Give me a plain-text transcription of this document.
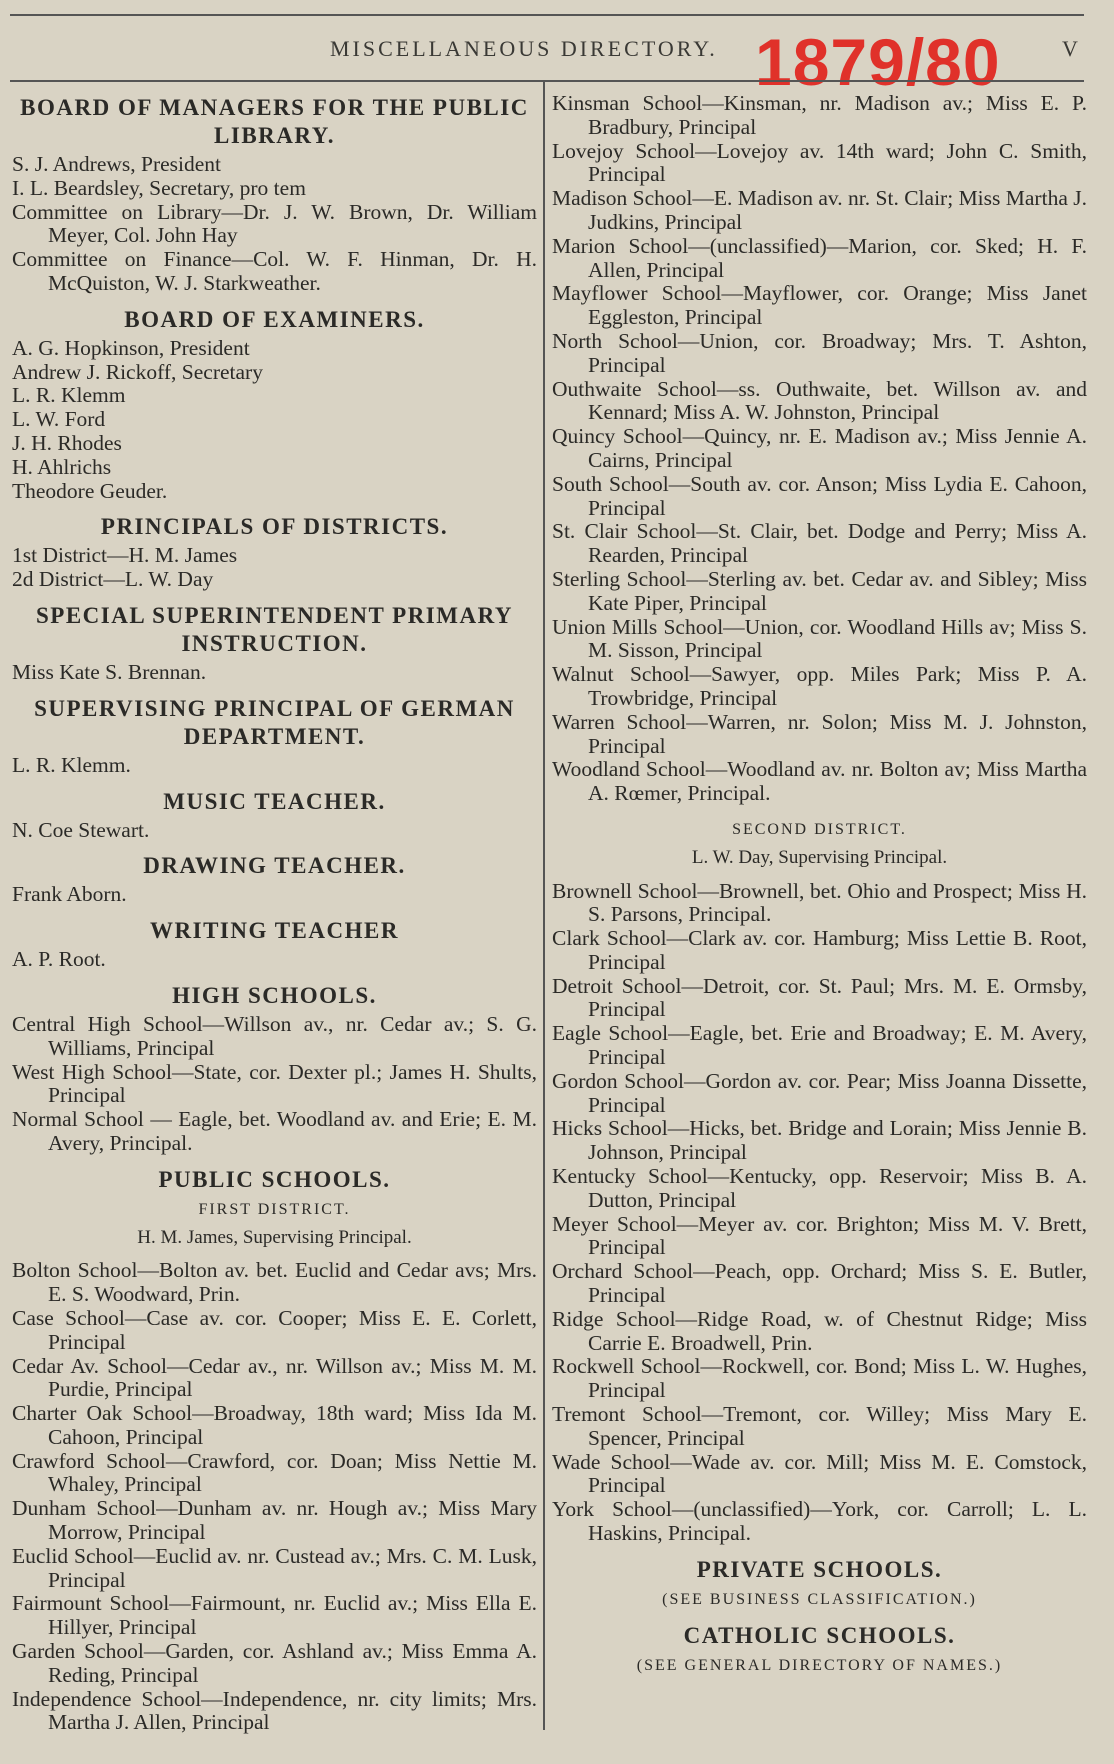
MISCELLANEOUS DIRECTORY. 1879/80	V
BOARD OF MANAGERS FOR THE PUBLIC LIBRARY.
S. J. Andrews, President
I. L. Beardsley, Secretary, pro tem
Committee on Library—Dr. J. W. Brown, Dr. William Meyer, Col. John Hay
Committee on Finance—Col. W. F. Hinman, Dr. H. McQuiston, W. J. Starkweather.
BOARD OF EXAMINERS.
A. G. Hopkinson, President
Andrew J. Rickoff, Secretary
L. R. Klemm
L. W. Ford
J. H. Rhodes
H. Ahlrichs
Theodore Geuder.
PRINCIPALS OF DISTRICTS.
1st District—H. M. James
2d District—L. W. Day
SPECIAL SUPERINTENDENT PRIMARY INSTRUCTION.
Miss Kate S. Brennan.
SUPERVISING PRINCIPAL OF GERMAN DEPARTMENT.
L. R. Klemm.
MUSIC TEACHER.
N. Coe Stewart.
DRAWING TEACHER.
Frank Aborn.
WRITING TEACHER
A. P. Root.
HIGH SCHOOLS.
Central High School—Willson av., nr. Cedar av.; S. G. Williams, Principal
West High School—State, cor. Dexter pl.; James H. Shults, Principal
Normal School — Eagle, bet. Woodland av. and Erie; E. M. Avery, Principal.
PUBLIC SCHOOLS.
FIRST DISTRICT.
H. M. James, Supervising Principal.
Bolton School—Bolton av. bet. Euclid and Cedar avs; Mrs. E. S. Woodward, Prin.
Case School—Case av. cor. Cooper; Miss E. E. Corlett, Principal
Cedar Av. School—Cedar av., nr. Willson av.; Miss M. M. Purdie, Principal
Charter Oak School—Broadway, 18th ward; Miss Ida M. Cahoon, Principal
Crawford School—Crawford, cor. Doan; Miss Nettie M. Whaley, Principal
Dunham School—Dunham av. nr. Hough av.; Miss Mary Morrow, Principal
Euclid School—Euclid av. nr. Custead av.; Mrs. C. M. Lusk, Principal
Fairmount School—Fairmount, nr. Euclid av.; Miss Ella E. Hillyer, Principal
Garden School—Garden, cor. Ashland av.; Miss Emma A. Reding, Principal
Independence School—Independence, nr. city limits; Mrs. Martha J. Allen, Principal
Kinsman School—Kinsman, nr. Madison av.; Miss E. P. Bradbury, Principal
Lovejoy School—Lovejoy av. 14th ward; John C. Smith, Principal
Madison School—E. Madison av. nr. St. Clair; Miss Martha J. Judkins, Principal
Marion School—(unclassified)—Marion, cor. Sked; H. F. Allen, Principal
Mayflower School—Mayflower, cor. Orange; Miss Janet Eggleston, Principal
North School—Union, cor. Broadway; Mrs. T. Ashton, Principal
Outhwaite School—ss. Outhwaite, bet. Willson av. and Kennard; Miss A. W. Johnston, Principal
Quincy School—Quincy, nr. E. Madison av.; Miss Jennie A. Cairns, Principal
South School—South av. cor. Anson; Miss Lydia E. Cahoon, Principal
St. Clair School—St. Clair, bet. Dodge and Perry; Miss A. Rearden, Principal
Sterling School—Sterling av. bet. Cedar av. and Sibley; Miss Kate Piper, Principal
Union Mills School—Union, cor. Woodland Hills av; Miss S. M. Sisson, Principal
Walnut School—Sawyer, opp. Miles Park; Miss P. A. Trowbridge, Principal
Warren School—Warren, nr. Solon; Miss M. J. Johnston, Principal
Woodland School—Woodland av. nr. Bolton av; Miss Martha A. Rœmer, Principal.
SECOND DISTRICT.
L. W. Day, Supervising Principal.
Brownell School—Brownell, bet. Ohio and Prospect; Miss H. S. Parsons, Principal.
Clark School—Clark av. cor. Hamburg; Miss Lettie B. Root, Principal
Detroit School—Detroit, cor. St. Paul; Mrs. M. E. Ormsby, Principal
Eagle School—Eagle, bet. Erie and Broadway; E. M. Avery, Principal
Gordon School—Gordon av. cor. Pear; Miss Joanna Dissette, Principal
Hicks School—Hicks, bet. Bridge and Lorain; Miss Jennie B. Johnson, Principal
Kentucky School—Kentucky, opp. Reservoir; Miss B. A. Dutton, Principal
Meyer School—Meyer av. cor. Brighton; Miss M. V. Brett, Principal
Orchard School—Peach, opp. Orchard; Miss S. E. Butler, Principal
Ridge School—Ridge Road, w. of Chestnut Ridge; Miss Carrie E. Broadwell, Prin.
Rockwell School—Rockwell, cor. Bond; Miss L. W. Hughes, Principal
Tremont School—Tremont, cor. Willey; Miss Mary E. Spencer, Principal
Wade School—Wade av. cor. Mill; Miss M. E. Comstock, Principal
York School—(unclassified)—York, cor. Carroll; L. L. Haskins, Principal.
PRIVATE SCHOOLS.
(SEE BUSINESS CLASSIFICATION.)
CATHOLIC SCHOOLS.
(SEE GENERAL DIRECTORY OF NAMES.)
